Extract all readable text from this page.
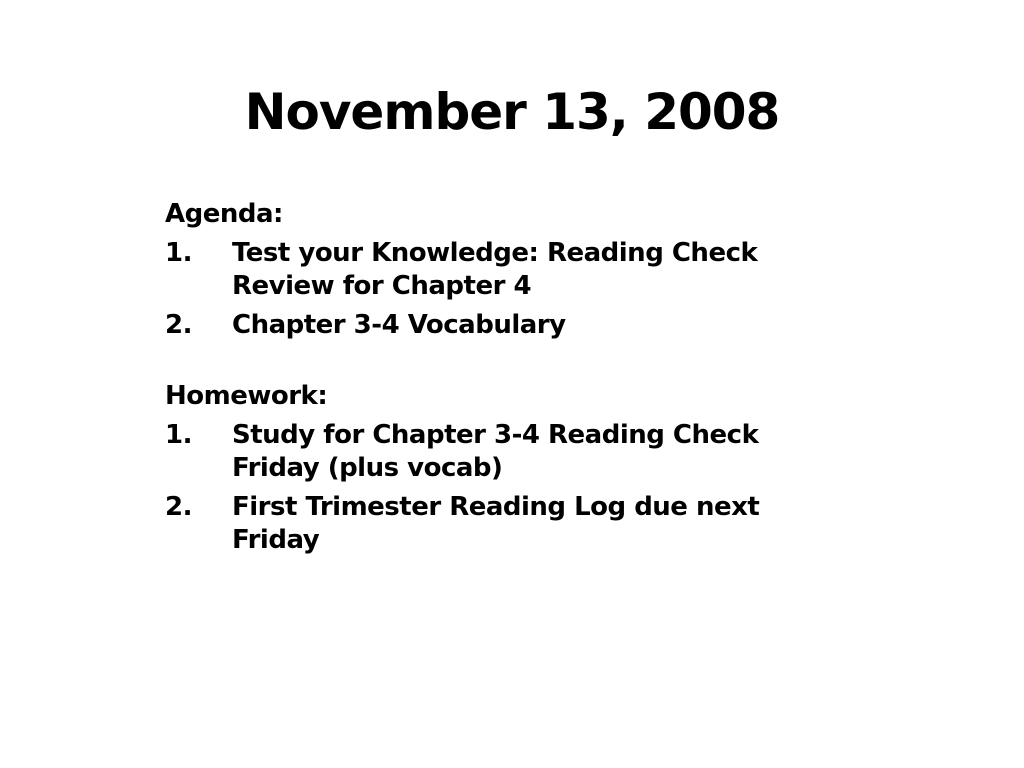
November 13, 2008
Agenda:
1.	Test your Knowledge: Reading Check Review for Chapter 4
2.	Chapter 3-4 Vocabulary
Homework:
1.	Study for Chapter 3-4 Reading Check Friday (plus vocab)
2.	First Trimester Reading Log due next Friday
